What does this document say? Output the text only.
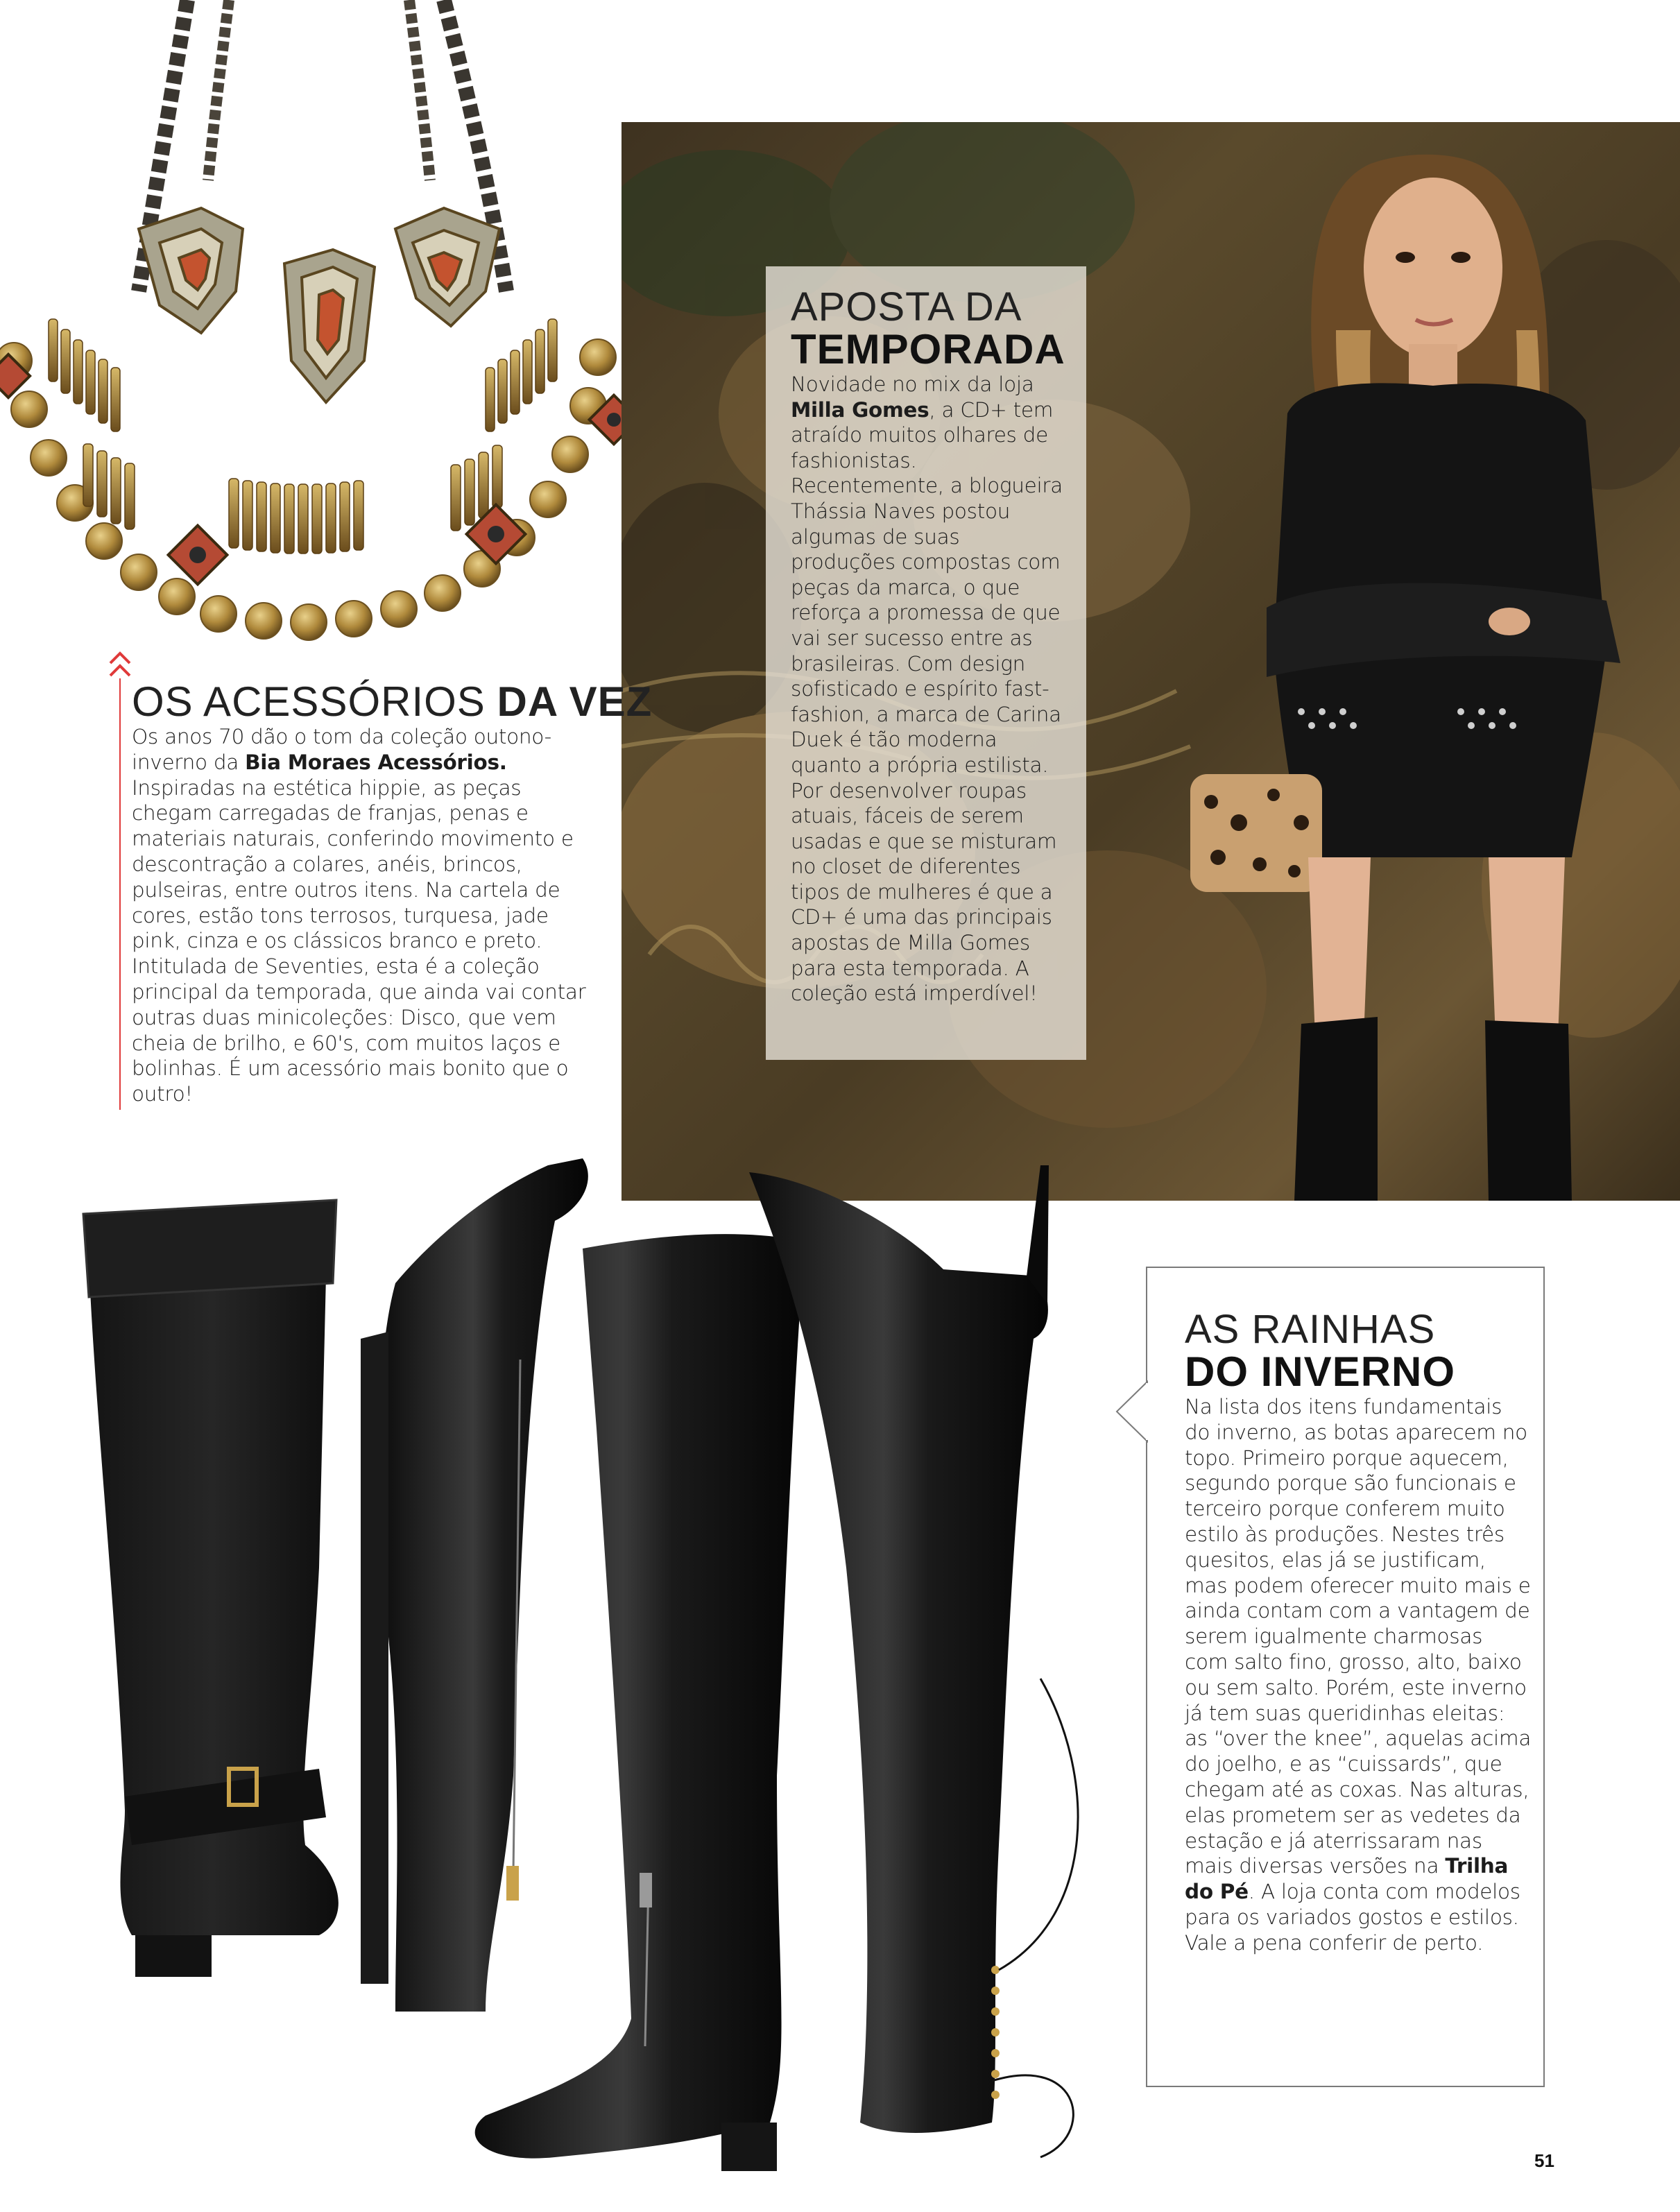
APOSTA DA
TEMPORADA
Novidade no mix da loja Milla Gomes, a CD+ tem atraído muitos olhares de fashionistas. Recentemente, a blogueira Thássia Naves postou algumas de suas produções compostas com peças da marca, o que reforça a promessa de que vai ser sucesso entre as brasileiras. Com design sofisticado e espírito fast-fashion, a marca de Carina Duek é tão moderna quanto a própria estilista. Por desenvolver roupas atuais, fáceis de serem usadas e que se misturam no closet de diferentes tipos de mulheres é que a CD+ é uma das principais apostas de Milla Gomes para esta temporada. A coleção está imperdível!
OS ACESSÓRIOS DA VEZ
Os anos 70 dão o tom da coleção outono-inverno da Bia Moraes Acessórios. Inspiradas na estética hippie, as peças chegam carregadas de franjas, penas e materiais naturais, conferindo movimento e descontração a colares, anéis, brincos, pulseiras, entre outros itens. Na cartela de cores, estão tons terrosos, turquesa, jade pink, cinza e os clássicos branco e preto. Intitulada de Seventies, esta é a coleção principal da temporada, que ainda vai contar outras duas minicoleções: Disco, que vem cheia de brilho, e 60's, com muitos laços e bolinhas. É um acessório mais bonito que o outro!
AS RAINHAS
DO INVERNO
Na lista dos itens fundamentais do inverno, as botas aparecem no topo. Primeiro porque aquecem, segundo porque são funcionais e terceiro porque conferem muito estilo às produções. Nestes três quesitos, elas já se justificam, mas podem oferecer muito mais e ainda contam com a vantagem de serem igualmente charmosas com salto fino, grosso, alto, baixo ou sem salto. Porém, este inverno já tem suas queridinhas eleitas: as “over the knee”, aquelas acima do joelho, e as “cuissards”, que chegam até as coxas. Nas alturas, elas prometem ser as vedetes da estação e já aterrissaram nas mais diversas versões na Trilha do Pé. A loja conta com modelos para os variados gostos e estilos. Vale a pena conferir de perto.
51
